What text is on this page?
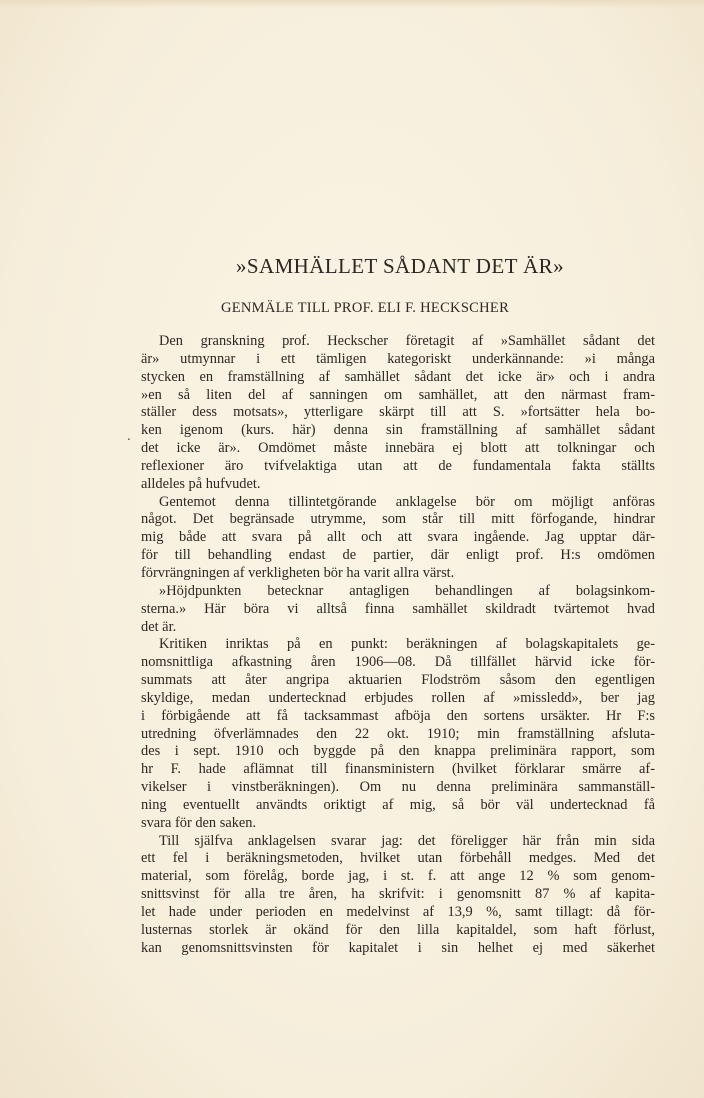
»SAMHÄLLET SÅDANT DET ÄR»
GENMÄLE TILL PROF. ELI F. HECKSCHER
.
Den granskning prof. Heckscher företagit af »Samhället sådant det
är» utmynnar i ett tämligen kategoriskt underkännande: »i många
stycken en framställning af samhället sådant det icke är» och i andra
»en så liten del af sanningen om samhället, att den närmast fram-
ställer dess motsats», ytterligare skärpt till att S. »fortsätter hela bo-
ken igenom (kurs. här) denna sin framställning af samhället sådant
det icke är». Omdömet måste innebära ej blott att tolkningar och
reflexioner äro tvifvelaktiga utan att de fundamentala fakta ställts
alldeles på hufvudet.
Gentemot denna tillintetgörande anklagelse bör om möjligt anföras
något. Det begränsade utrymme, som står till mitt förfogande, hindrar
mig både att svara på allt och att svara ingående. Jag upptar där-
för till behandling endast de partier, där enligt prof. H:s omdömen
förvrängningen af verkligheten bör ha varit allra värst.
»Höjdpunkten betecknar antagligen behandlingen af bolagsinkom-
sterna.» Här böra vi alltså finna samhället skildradt tvärtemot hvad
det är.
Kritiken inriktas på en punkt: beräkningen af bolagskapitalets ge-
nomsnittliga afkastning åren 1906—08. Då tillfället härvid icke för-
summats att åter angripa aktuarien Flodström såsom den egentligen
skyldige, medan undertecknad erbjudes rollen af »missledd», ber jag
i förbigående att få tacksammast afböja den sortens ursäkter. Hr F:s
utredning öfverlämnades den 22 okt. 1910; min framställning afsluta-
des i sept. 1910 och byggde på den knappa preliminära rapport, som
hr F. hade aflämnat till finansministern (hvilket förklarar smärre af-
vikelser i vinstberäkningen). Om nu denna preliminära sammanställ-
ning eventuellt användts oriktigt af mig, så bör väl undertecknad få
svara för den saken.
Till själfva anklagelsen svarar jag: det föreligger här från min sida
ett fel i beräkningsmetoden, hvilket utan förbehåll medges. Med det
material, som förelåg, borde jag, i st. f. att ange 12 % som genom-
snittsvinst för alla tre åren, ha skrifvit: i genomsnitt 87 % af kapita-
let hade under perioden en medelvinst af 13,9 %, samt tillagt: då för-
lusternas storlek är okänd för den lilla kapitaldel, som haft förlust,
kan genomsnittsvinsten för kapitalet i sin helhet ej med säkerhet
